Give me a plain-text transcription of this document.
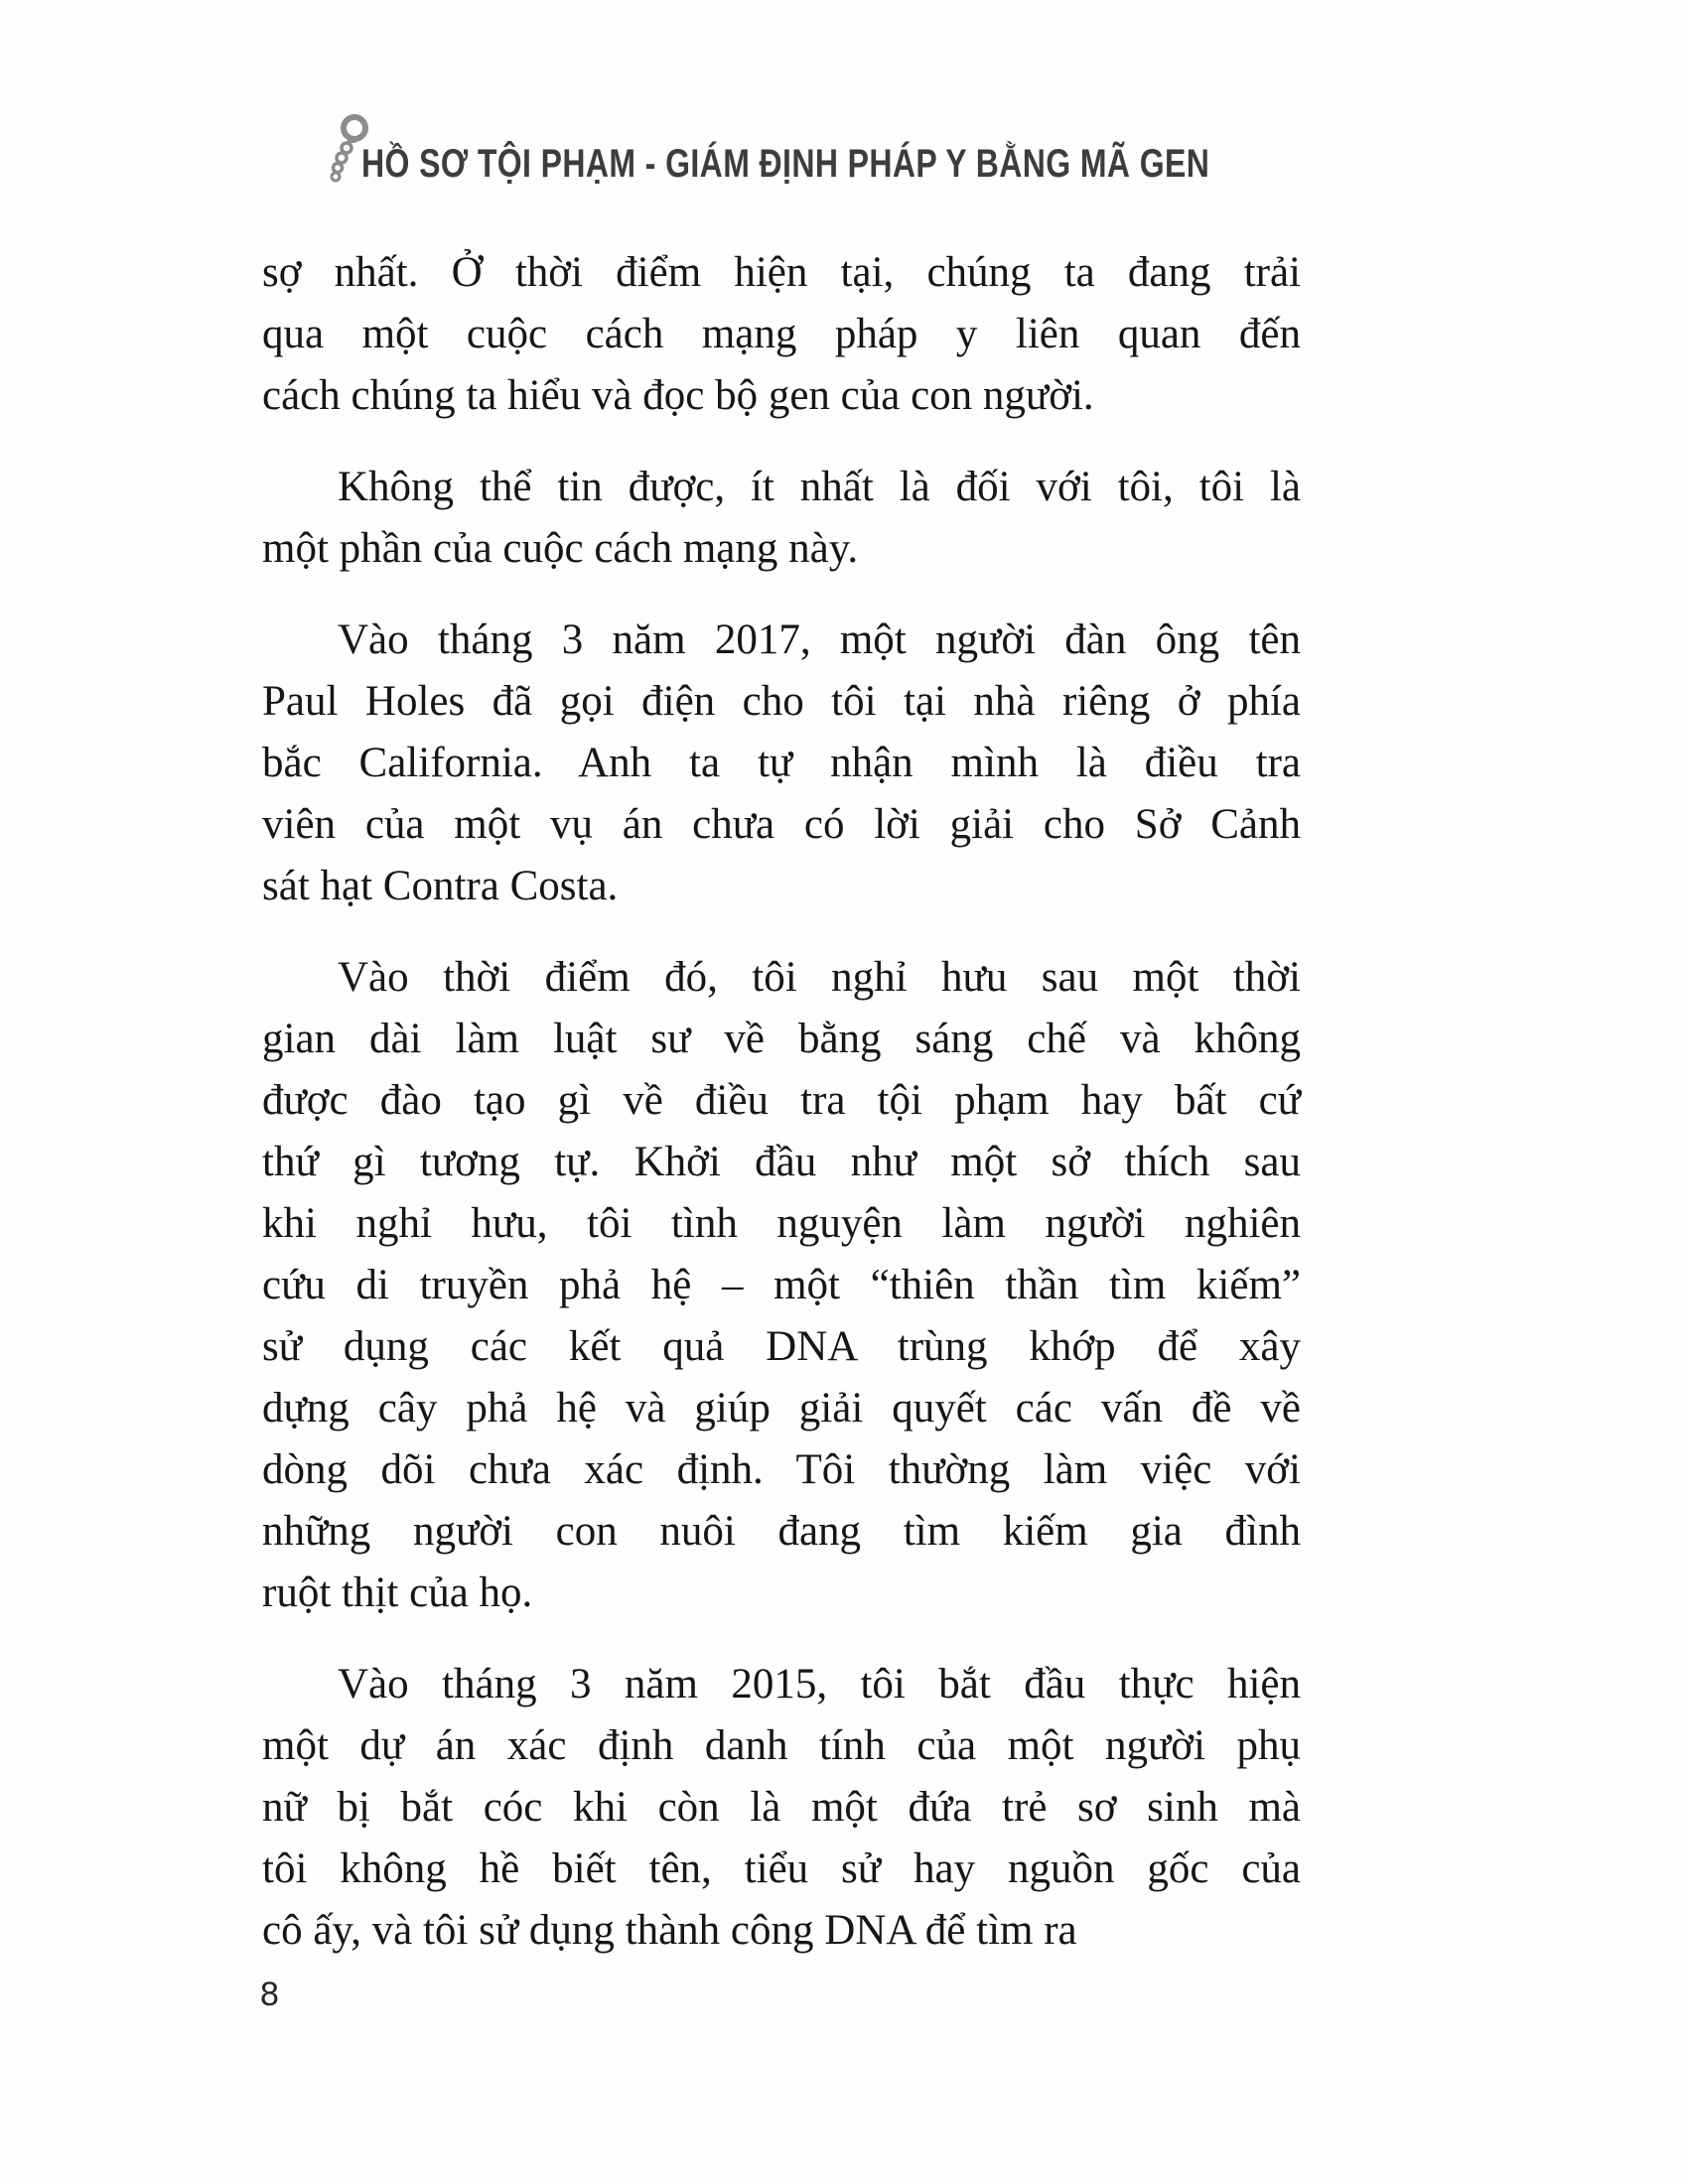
HỒ SƠ TỘI PHẠM - GIÁM ĐỊNH PHÁP Y BẰNG MÃ GEN
sợ nhất. Ở thời điểm hiện tại, chúng ta đang trải
qua một cuộc cách mạng pháp y liên quan đến
cách chúng ta hiểu và đọc bộ gen của con người.
Không thể tin được, ít nhất là đối với tôi, tôi là
một phần của cuộc cách mạng này.
Vào tháng 3 năm 2017, một người đàn ông tên
Paul Holes đã gọi điện cho tôi tại nhà riêng ở phía
bắc California. Anh ta tự nhận mình là điều tra
viên của một vụ án chưa có lời giải cho Sở Cảnh
sát hạt Contra Costa.
Vào thời điểm đó, tôi nghỉ hưu sau một thời
gian dài làm luật sư về bằng sáng chế và không
được đào tạo gì về điều tra tội phạm hay bất cứ
thứ gì tương tự. Khởi đầu như một sở thích sau
khi nghỉ hưu, tôi tình nguyện làm người nghiên
cứu di truyền phả hệ – một “thiên thần tìm kiếm”
sử dụng các kết quả DNA trùng khớp để xây
dựng cây phả hệ và giúp giải quyết các vấn đề về
dòng dõi chưa xác định. Tôi thường làm việc với
những người con nuôi đang tìm kiếm gia đình
ruột thịt của họ.
Vào tháng 3 năm 2015, tôi bắt đầu thực hiện
một dự án xác định danh tính của một người phụ
nữ bị bắt cóc khi còn là một đứa trẻ sơ sinh mà
tôi không hề biết tên, tiểu sử hay nguồn gốc của
cô ấy, và tôi sử dụng thành công DNA để tìm ra
8
